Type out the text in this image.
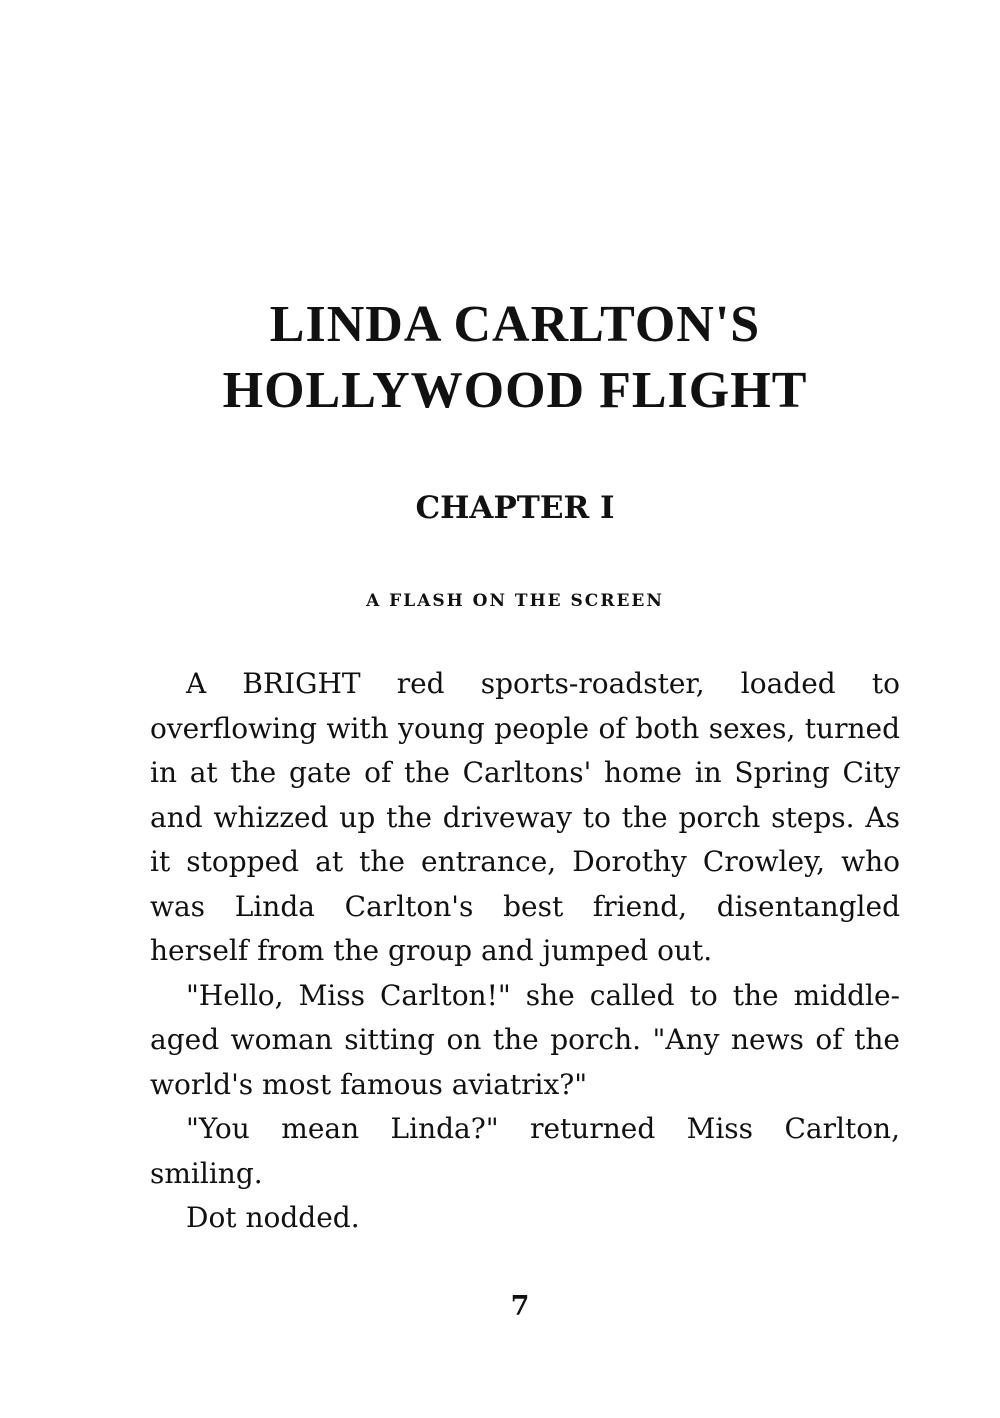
LINDA CARLTON'S
HOLLYWOOD FLIGHT
CHAPTER I
A FLASH ON THE SCREEN

A BRIGHT red sports-roadster, loaded to overflowing with young people of both sexes, turned in at the gate of the Carltons' home in Spring City and whizzed up the driveway to the porch steps. As it stopped at the entrance, Dorothy Crowley, who was Linda Carlton's best friend, disentangled herself from the group and jumped out.

"Hello, Miss Carlton!" she called to the middle-aged woman sitting on the porch. "Any news of the world's most famous aviatrix?"

"You mean Linda?" returned Miss Carlton, smiling.

Dot nodded.

7
